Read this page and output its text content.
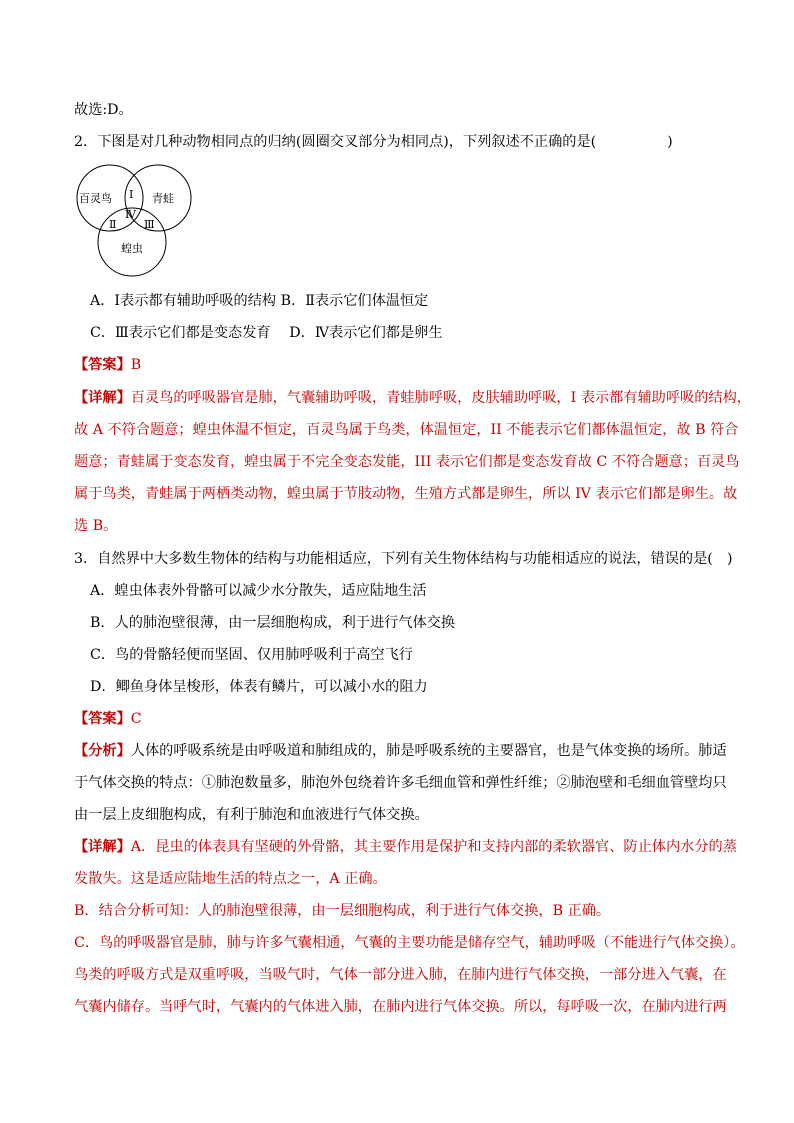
故选:D。
2．下图是对几种动物相同点的归纳(圆圈交叉部分为相同点)，下列叙述不正确的是(　　　　　)
百灵鸟	青蛙
蝗虫
Ⅰ
Ⅱ	Ⅲ
Ⅳ
A．Ⅰ表示都有辅助呼吸的结构 B．Ⅱ表示它们体温恒定
C．Ⅲ表示它们都是变态发育　 D．Ⅳ表示它们都是卵生
【答案】B
【详解】百灵鸟的呼吸器官是肺，气囊辅助呼吸，青蛙肺呼吸，皮肤辅助呼吸，I 表示都有辅助呼吸的结构，
故 A 不符合题意；蝗虫体温不恒定，百灵鸟属于鸟类，体温恒定，II 不能表示它们都体温恒定，故 B 符合
题意；青蛙属于变态发育，蝗虫属于不完全变态发能，III 表示它们都是变态发育故 C 不符合题意；百灵鸟
属于鸟类，青蛙属于两栖类动物，蝗虫属于节肢动物，生殖方式都是卵生，所以 IV 表示它们都是卵生。故
选 B。
3．自然界中大多数生物体的结构与功能相适应，下列有关生物体结构与功能相适应的说法，错误的是(　)
A．蝗虫体表外骨骼可以减少水分散失，适应陆地生活
B．人的肺泡壁很薄，由一层细胞构成，利于进行气体交换
C．鸟的骨骼轻便而坚固、仅用肺呼吸利于高空飞行
D．鲫鱼身体呈梭形，体表有鳞片，可以减小水的阻力
【答案】C
【分析】人体的呼吸系统是由呼吸道和肺组成的，肺是呼吸系统的主要器官，也是气体变换的场所。肺适
于气体交换的特点：①肺泡数量多，肺泡外包绕着许多毛细血管和弹性纤维；②肺泡壁和毛细血管壁均只
由一层上皮细胞构成，有利于肺泡和血液进行气体交换。
【详解】A．昆虫的体表具有坚硬的外骨骼，其主要作用是保护和支持内部的柔软器官、防止体内水分的蒸
发散失。这是适应陆地生活的特点之一，A 正确。
B．结合分析可知：人的肺泡壁很薄，由一层细胞构成，利于进行气体交换，B 正确。
C．鸟的呼吸器官是肺，肺与许多气囊相通，气囊的主要功能是储存空气，辅助呼吸（不能进行气体交换）。
鸟类的呼吸方式是双重呼吸，当吸气时，气体一部分进入肺，在肺内进行气体交换，一部分进入气囊，在
气囊内储存。当呼气时，气囊内的气体进入肺，在肺内进行气体交换。所以，每呼吸一次，在肺内进行两
